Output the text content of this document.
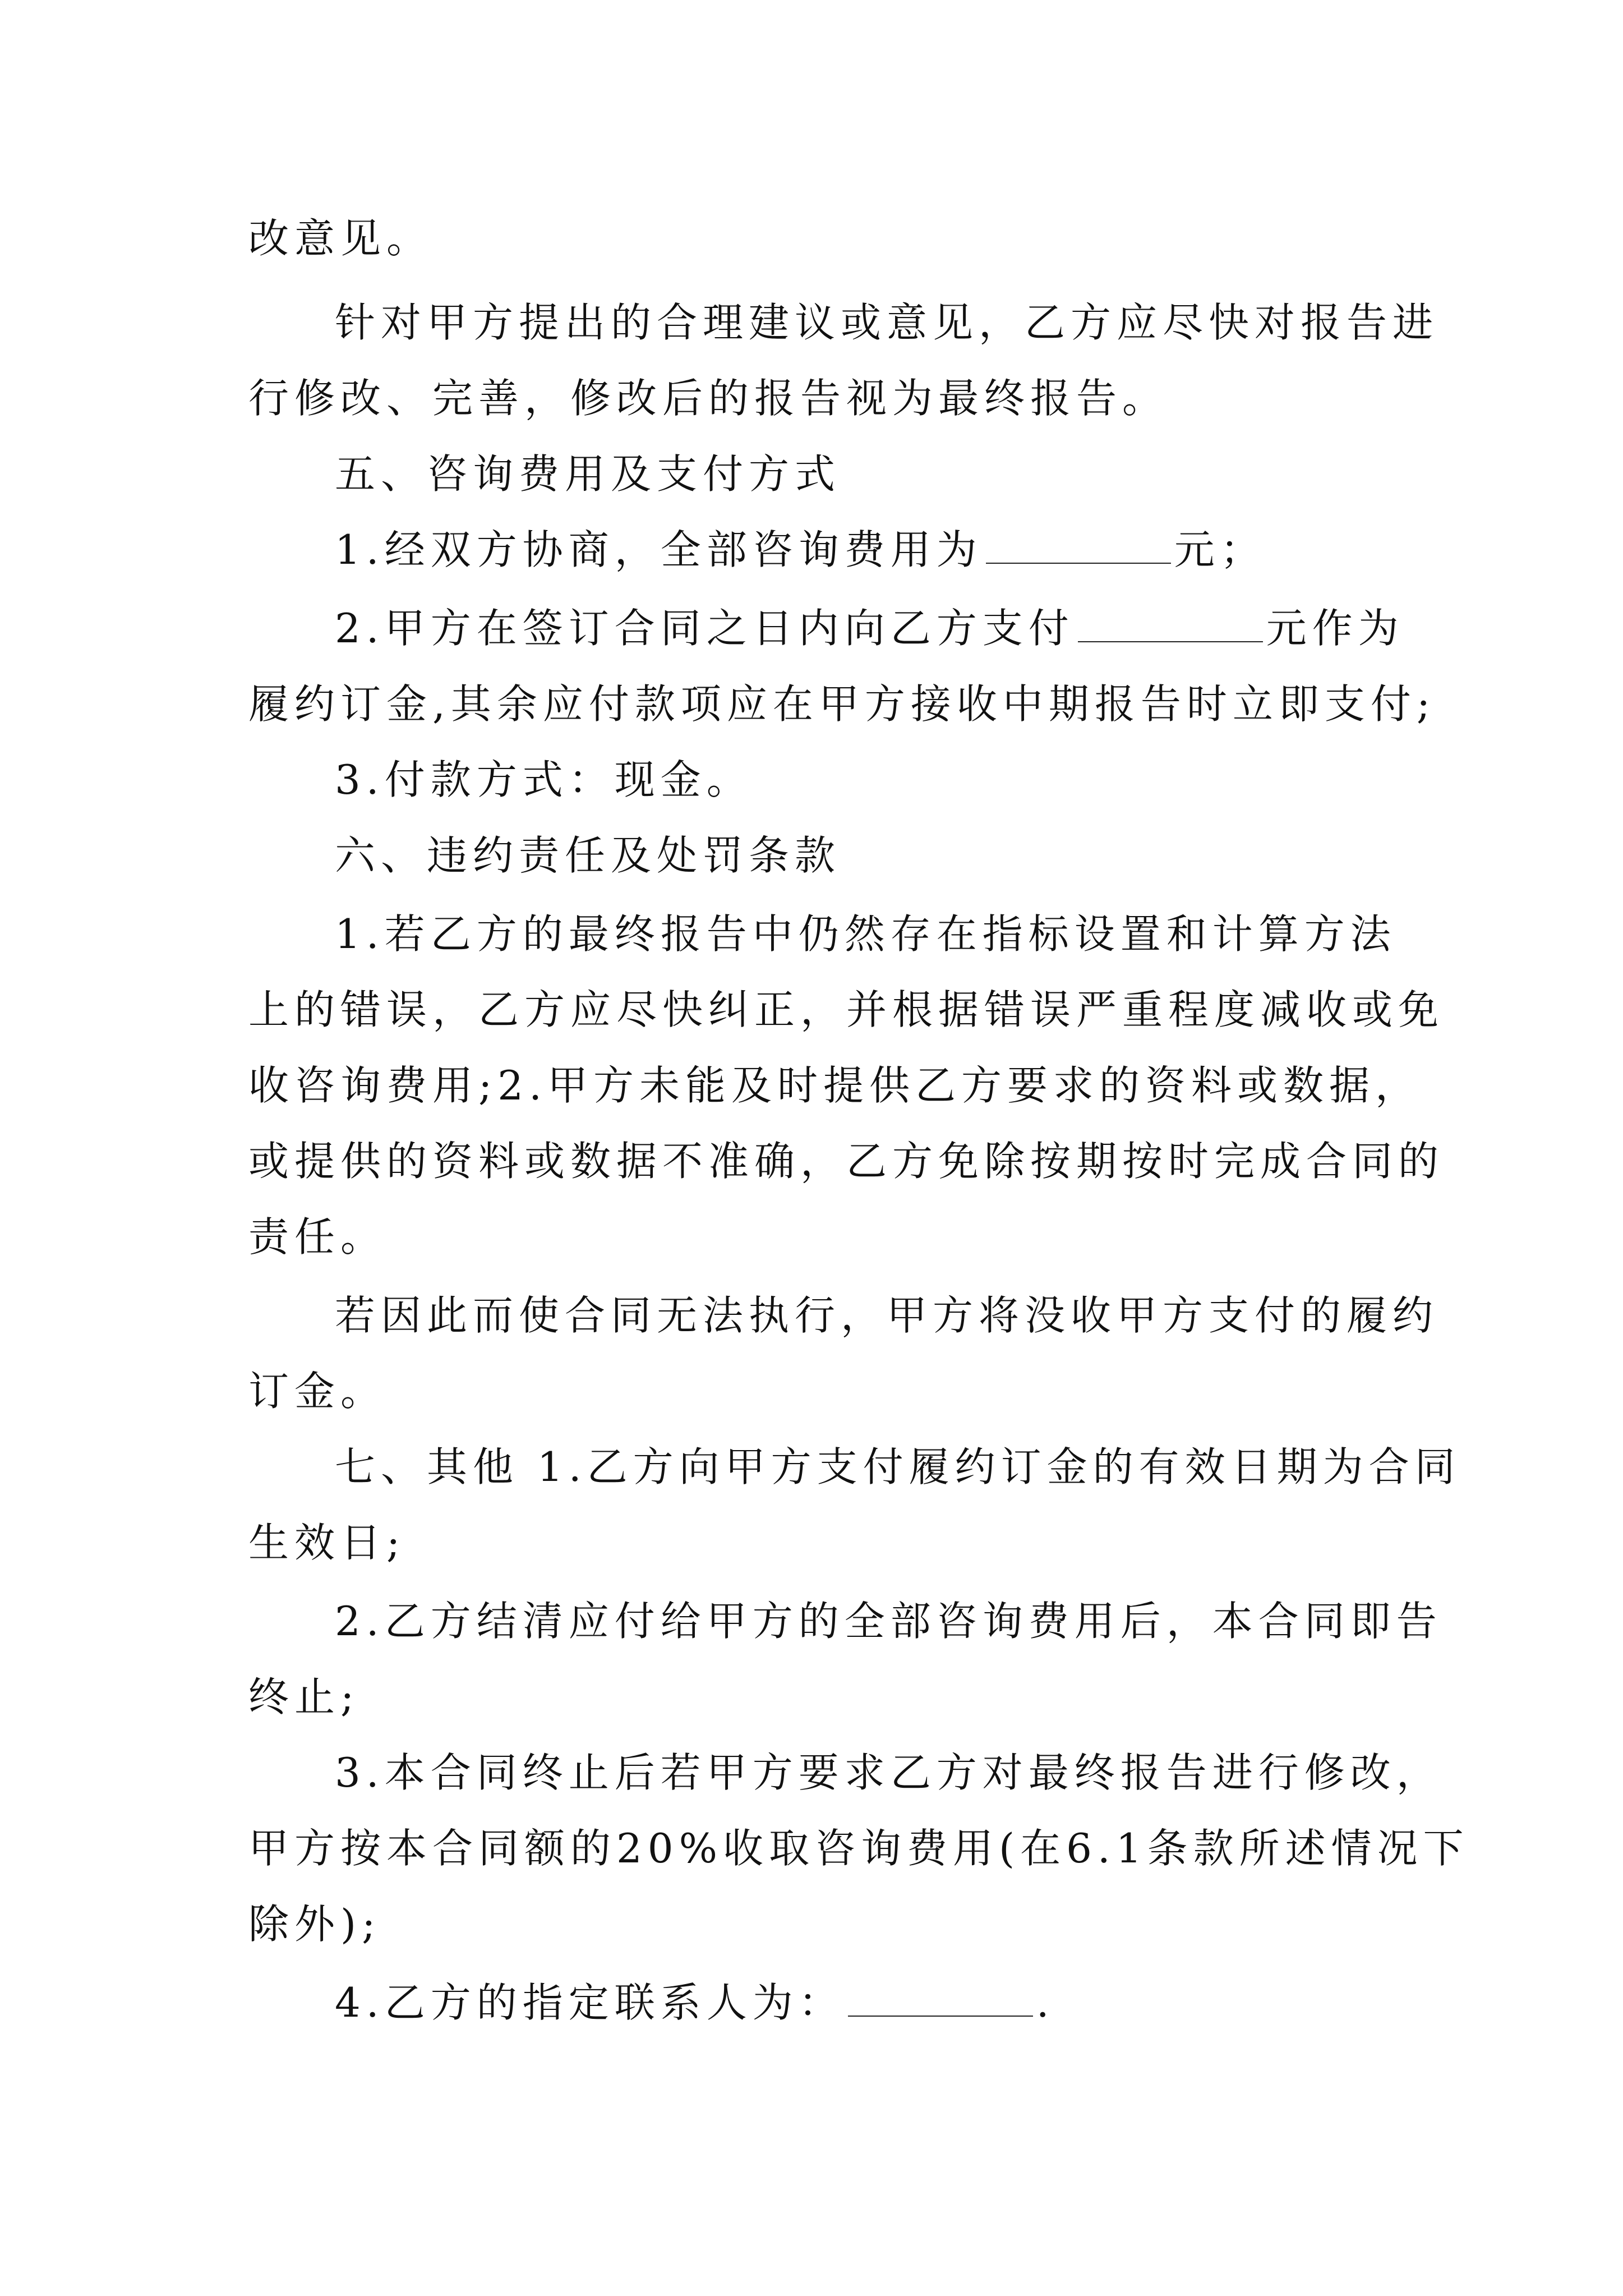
改意见。
针对甲方提出的合理建议或意见，乙方应尽快对报告进
行修改、完善，修改后的报告视为最终报告。
五、咨询费用及支付方式
1.经双方协商，全部咨询费用为	元；
2.甲方在签订合同之日内向乙方支付	元作为
履约订金,其余应付款项应在甲方接收中期报告时立即支付;
3.付款方式：现金。
六、违约责任及处罚条款
1.若乙方的最终报告中仍然存在指标设置和计算方法
上的错误，乙方应尽快纠正，并根据错误严重程度减收或免
收咨询费用;2.甲方未能及时提供乙方要求的资料或数据，
或提供的资料或数据不准确，乙方免除按期按时完成合同的
责任。
若因此而使合同无法执行，甲方将没收甲方支付的履约
订金。
七、其他 1.乙方向甲方支付履约订金的有效日期为合同
生效日;
2.乙方结清应付给甲方的全部咨询费用后，本合同即告
终止;
3.本合同终止后若甲方要求乙方对最终报告进行修改，
甲方按本合同额的20%收取咨询费用(在6.1条款所述情况下
除外);
4.乙方的指定联系人为：	.
